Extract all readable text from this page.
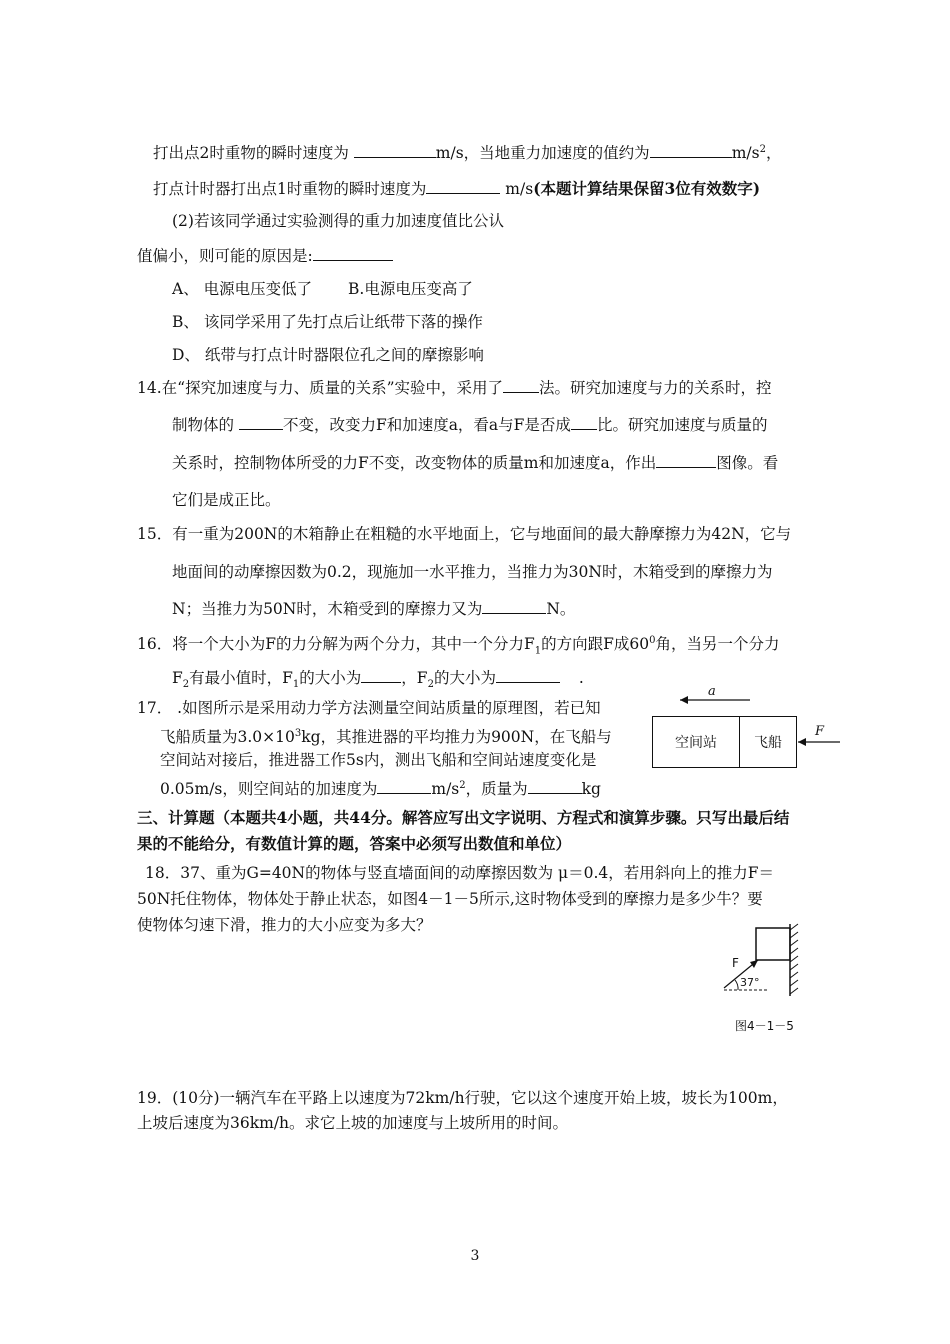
打出点2时重物的瞬时速度为	m/s，当地重力加速度的值约为	$m/s^2$，
打点计时器打出点1时重物的瞬时速度为	m/s(本题计算结果保留3位有效数字)
(2)若该同学通过实验测得的重力加速度值比公认
值偏小，则可能的原因是:
A、 电源电压变低了 B.电源电压变高了
B、 该同学采用了先打点后让纸带下落的操作
D、 纸带与打点计时器限位孔之间的摩擦影响
14.在“探究加速度与力、质量的关系”实验中，采用了 法。研究加速度与力的关系时，控
制物体的	不变，改变力F和加速度a，看a与F是否成 比。研究加速度与质量的
关系时，控制物体所受的力F不变，改变物体的质量m和加速度a，作出	图像。看
它们是成正比。
15．有一重为200N的木箱静止在粗糙的水平地面上，它与地面间的最大静摩擦力为42N，它与
地面间的动摩擦因数为0.2，现施加一水平推力，当推力为30N时，木箱受到的摩擦力为
N；当推力为50N时，木箱受到的摩擦力又为	N。
16．将一个大小为F的力分解为两个分力，其中一个分力$F_1$的方向跟F成$60^0$角，当另一个分力
$F_2$有最小值时，$F_1$的大小为	，$F_2$的大小为	.
17． .如图所示是采用动力学方法测量空间站质量的原理图，若已知
飞船质量为$3.0\times 10^3kg$，其推进器的平均推力为900N，在飞船与
空间站对接后，推进器工作5s内，测出飞船和空间站速度变化是
0.05m/s，则空间站的加速度为	$m/s^2$，质量为	kg
a
空间站	飞船
F
三、计算题（本题共4小题，共44分。解答应写出文字说明、方程式和演算步骤。只写出最后结
果的不能给分，有数值计算的题，答案中必须写出数值和单位）
18．37、重为G=40N的物体与竖直墙面间的动摩擦因数为 μ＝0.4，若用斜向上的推力F＝
50N托住物体，物体处于静止状态，如图4－1－5所示,这时物体受到的摩擦力是多少牛？要
使物体匀速下滑，推力的大小应变为多大？
F
37°
图4－1－5
19．(10分)一辆汽车在平路上以速度为72km/h行驶，它以这个速度开始上坡，坡长为100m，
上坡后速度为36km/h。求它上坡的加速度与上坡所用的时间。
3
